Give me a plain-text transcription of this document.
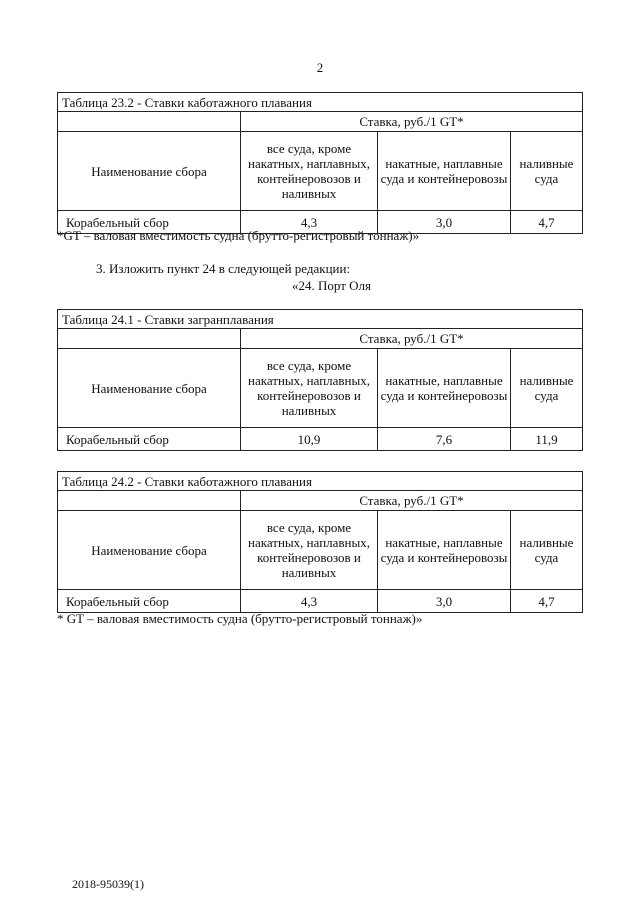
2
Таблица 23.2 - Ставки каботажного плавания			
	Ставка, руб./1 GT*		
Наименование сбора	все суда, кроме накатных, наплавных, контейнеровозов и наливных	накатные, наплавные суда и контейнеровозы	наливные суда
Корабельный сбор	4,3	3,0	4,7
*GT – валовая вместимость судна (брутто-регистровый тоннаж)»
3. Изложить пункт 24 в следующей редакции:
«24. Порт Оля
Таблица 24.1 - Ставки загранплавания			
	Ставка, руб./1 GT*		
Наименование сбора	все суда, кроме накатных, наплавных, контейнеровозов и наливных	накатные, наплавные суда и контейнеровозы	наливные суда
Корабельный сбор	10,9	7,6	11,9
Таблица 24.2 - Ставки каботажного плавания			
	Ставка, руб./1 GT*		
Наименование сбора	все суда, кроме накатных, наплавных, контейнеровозов и наливных	накатные, наплавные суда и контейнеровозы	наливные суда
Корабельный сбор	4,3	3,0	4,7
* GT – валовая вместимость судна (брутто-регистровый тоннаж)»
2018-95039(1)
